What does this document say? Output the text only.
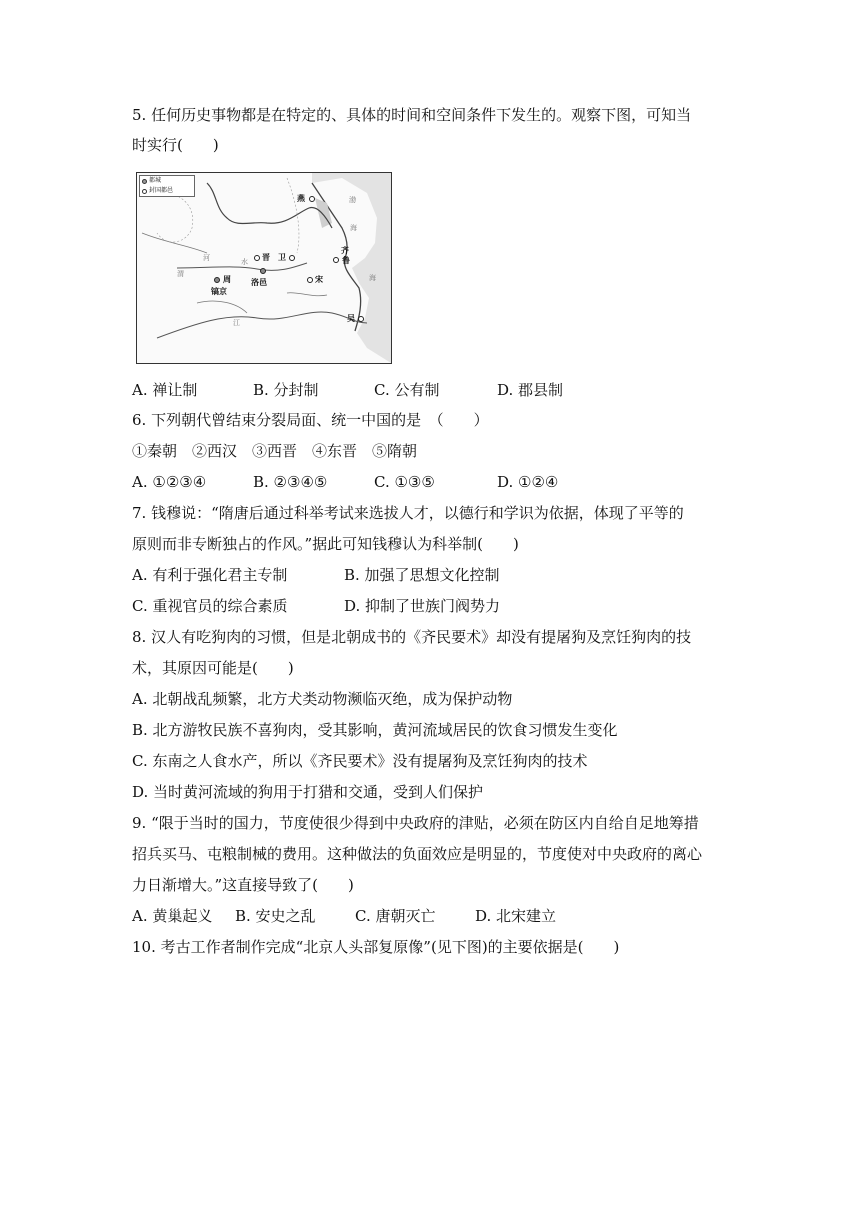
5. 任何历史事物都是在特定的、具体的时间和空间条件下发生的。观察下图，可知当
时实行(　　)
都城
封国都邑
燕
齐
鲁
晋 卫
宋
洛邑
周
镐京
吴
河	水
渭
江
渤
海
海
A. 禅让制	B. 分封制	C. 公有制	D. 郡县制
6. 下列朝代曾结束分裂局面、统一中国的是　（　　）
①秦朝　②西汉　③西晋　④东晋　⑤隋朝
A. ①②③④	B. ②③④⑤	C. ①③⑤	D. ①②④
7. 钱穆说：“隋唐后通过科举考试来选拔人才，以德行和学识为依据，体现了平等的
原则而非专断独占的作风。”据此可知钱穆认为科举制(　　)
A. 有利于强化君主专制	B. 加强了思想文化控制
C. 重视官员的综合素质	D. 抑制了世族门阀势力
8. 汉人有吃狗肉的习惯，但是北朝成书的《齐民要术》却没有提屠狗及烹饪狗肉的技
术，其原因可能是(　　)
A. 北朝战乱频繁，北方犬类动物濒临灭绝，成为保护动物
B. 北方游牧民族不喜狗肉，受其影响，黄河流域居民的饮食习惯发生变化
C. 东南之人食水产，所以《齐民要术》没有提屠狗及烹饪狗肉的技术
D. 当时黄河流域的狗用于打猎和交通，受到人们保护
9. “限于当时的国力，节度使很少得到中央政府的津贴，必须在防区内自给自足地筹措
招兵买马、屯粮制械的费用。这种做法的负面效应是明显的，节度使对中央政府的离心
力日渐增大。”这直接导致了(　　)
A. 黄巢起义 B. 安史之乱	C. 唐朝灭亡	D. 北宋建立
10. 考古工作者制作完成“北京人头部复原像”(见下图)的主要依据是(　　)
